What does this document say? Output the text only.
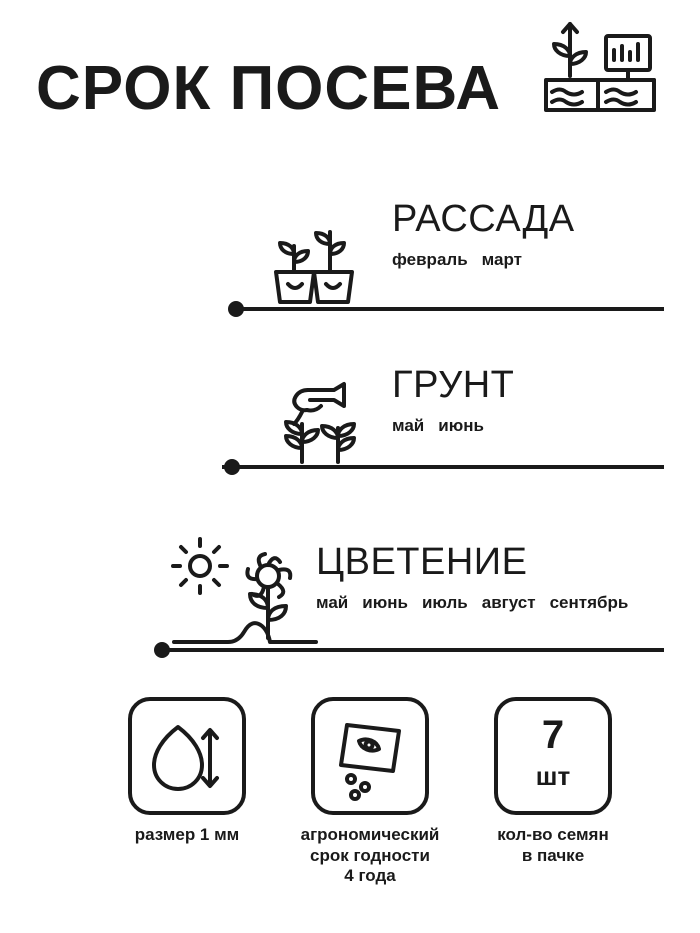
СРОК ПОСЕВА
РАССАДА
февраль март
ГРУНТ
май июнь
ЦВЕТЕНИЕ
май июнь июль август сентябрь
размер 1 мм	агрономический
срок годности
4 года
7
шт
кол-во семян
в пачке
